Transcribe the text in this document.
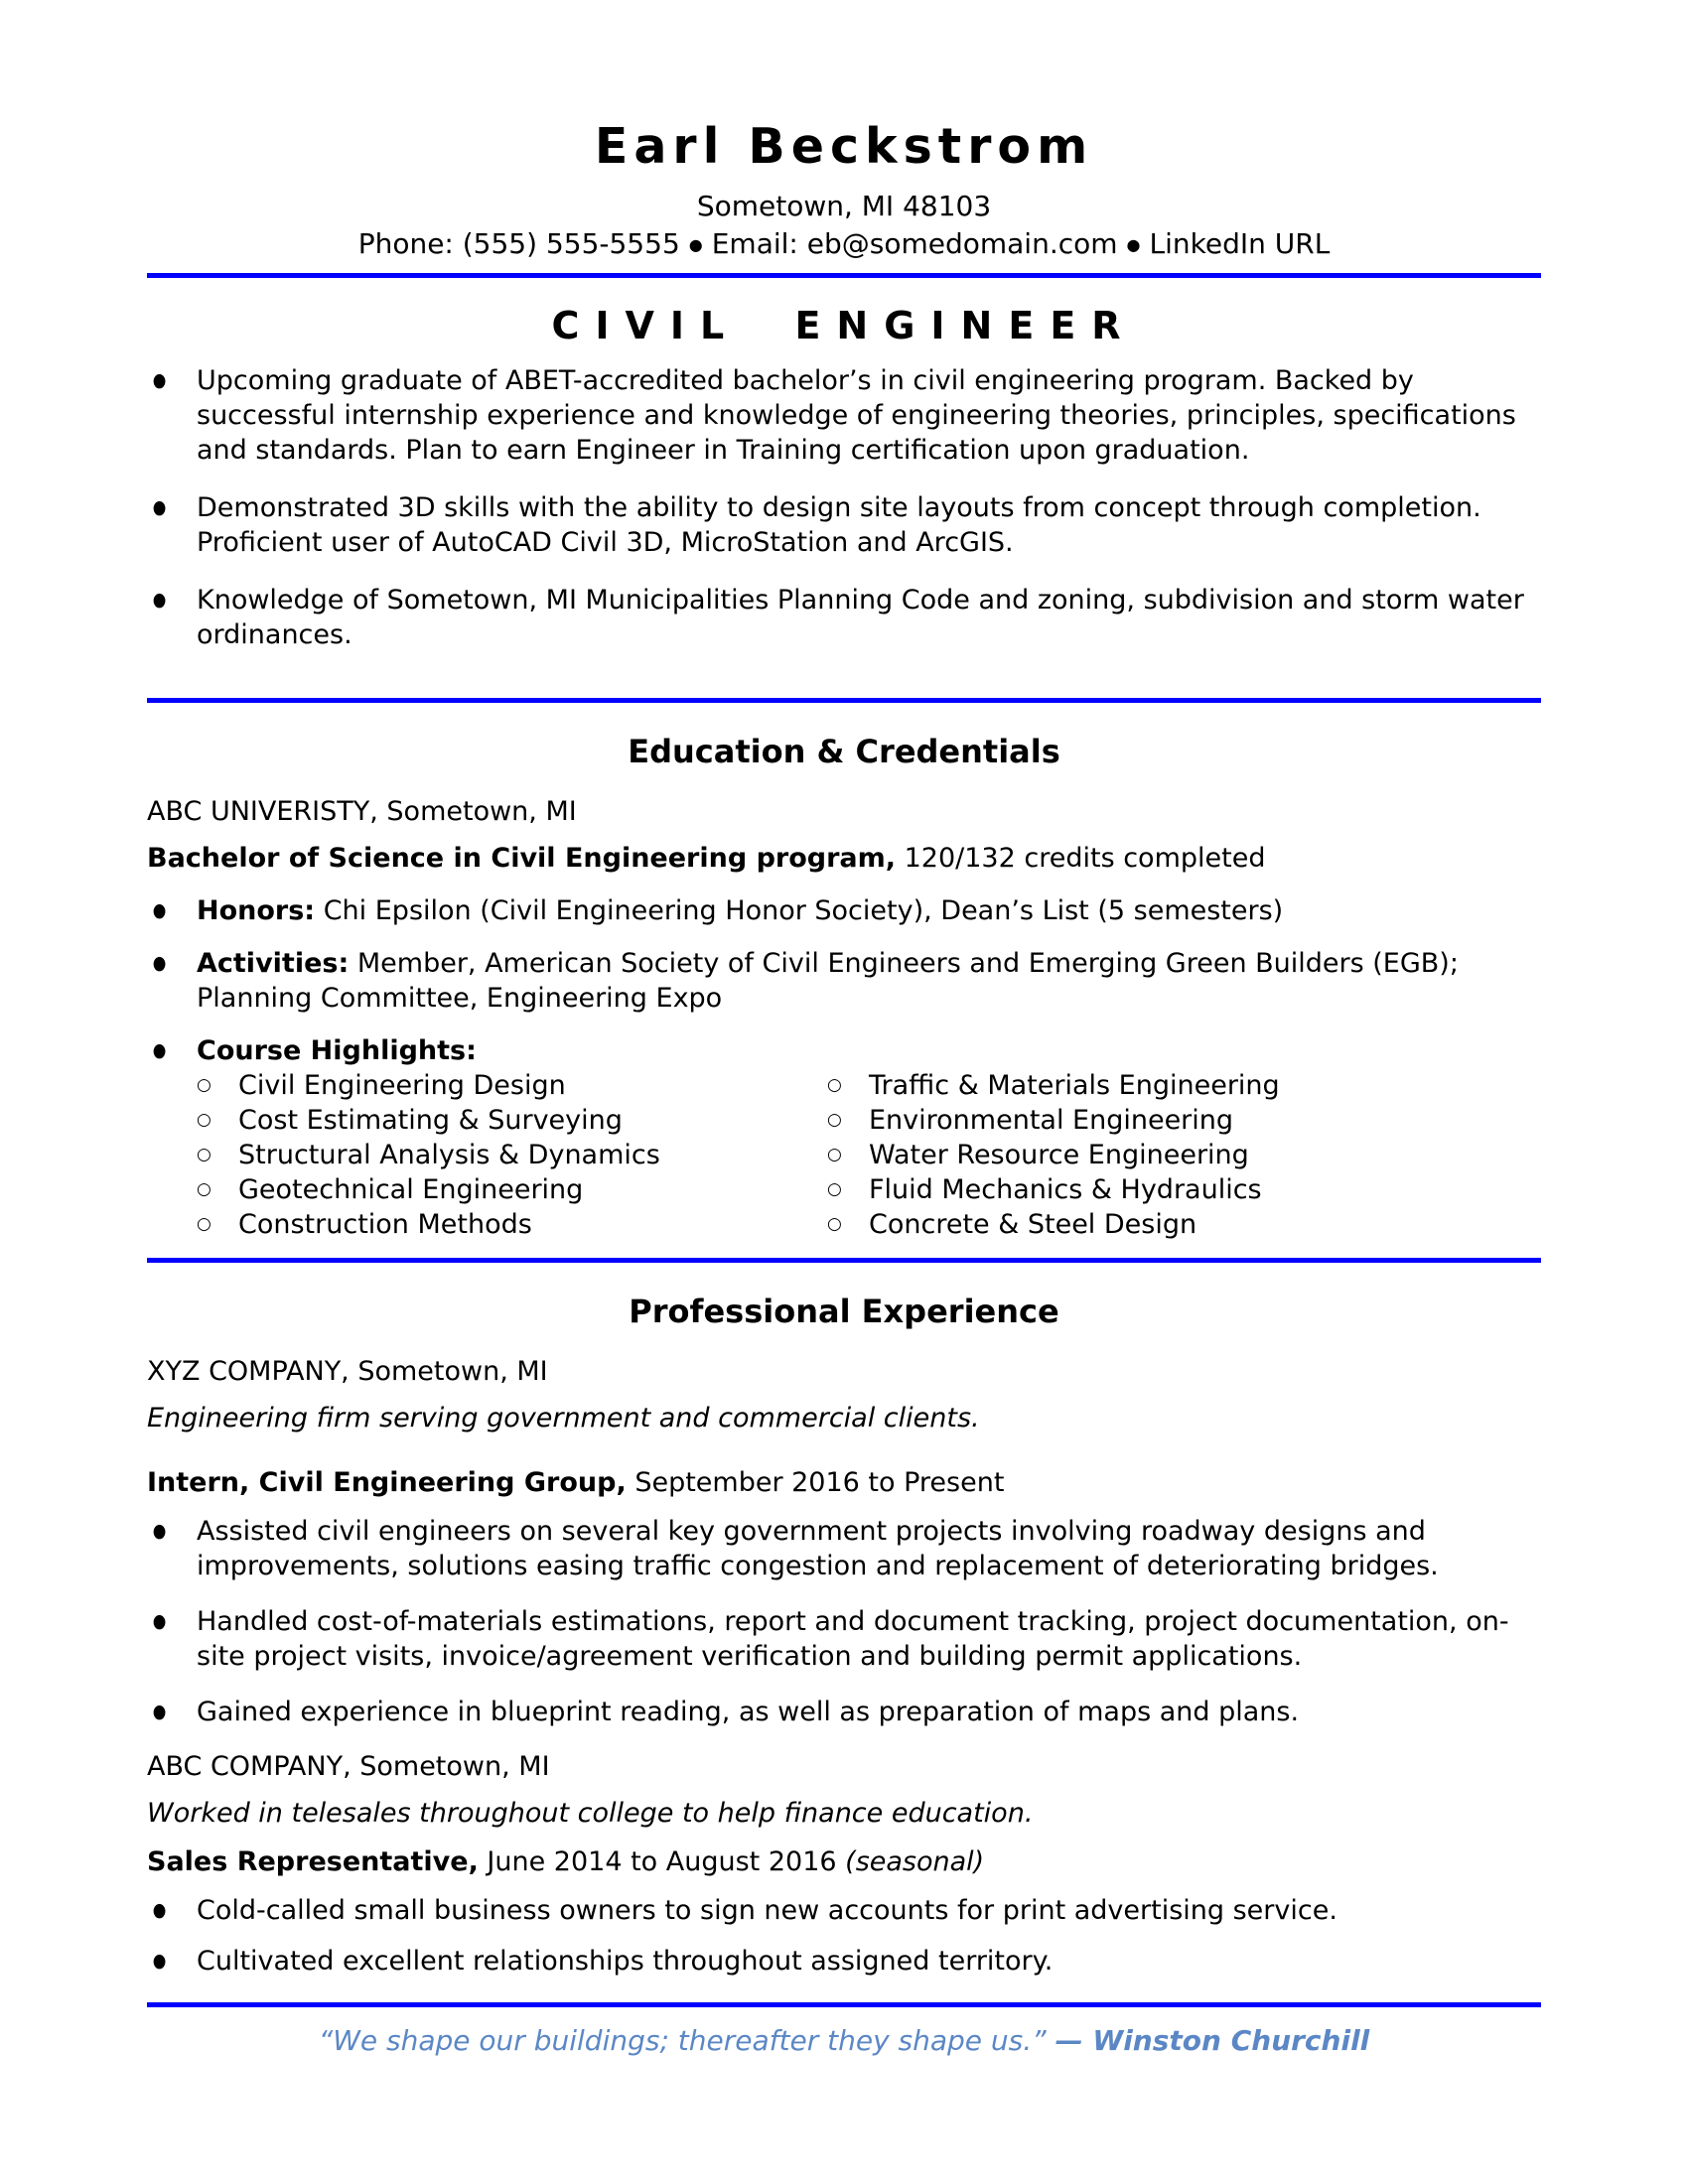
Earl Beckstrom
Sometown, MI 48103
Phone: (555) 555-5555 ● Email: eb@somedomain.com ● LinkedIn URL
CIVIL ENGINEER
●	Upcoming graduate of ABET-accredited bachelor’s in civil engineering program. Backed by successful internship experience and knowledge of engineering theories, principles, specifications and standards. Plan to earn Engineer in Training certification upon graduation.
●	Demonstrated 3D skills with the ability to design site layouts from concept through completion. Proficient user of AutoCAD Civil 3D, MicroStation and ArcGIS.
●	Knowledge of Sometown, MI Municipalities Planning Code and zoning, subdivision and storm water ordinances.
Education & Credentials
ABC UNIVERISTY, Sometown, MI
Bachelor of Science in Civil Engineering program, 120/132 credits completed
●	Honors: Chi Epsilon (Civil Engineering Honor Society), Dean’s List (5 semesters)
●	Activities: Member, American Society of Civil Engineers and Emerging Green Builders (EGB); Planning Committee, Engineering Expo
●	Course Highlights:
○	Civil Engineering Design
○	Cost Estimating & Surveying
○	Structural Analysis & Dynamics
○	Geotechnical Engineering
○	Construction Methods
○	Traffic & Materials Engineering
○	Environmental Engineering
○	Water Resource Engineering
○	Fluid Mechanics & Hydraulics
○	Concrete & Steel Design
Professional Experience
XYZ COMPANY, Sometown, MI
Engineering firm serving government and commercial clients.
Intern, Civil Engineering Group, September 2016 to Present
●	Assisted civil engineers on several key government projects involving roadway designs and improvements, solutions easing traffic congestion and replacement of deteriorating bridges.
●	Handled cost-of-materials estimations, report and document tracking, project documentation, on-site project visits, invoice/agreement verification and building permit applications.
●	Gained experience in blueprint reading, as well as preparation of maps and plans.
ABC COMPANY, Sometown, MI
Worked in telesales throughout college to help finance education.
Sales Representative, June 2014 to August 2016 (seasonal)
●	Cold-called small business owners to sign new accounts for print advertising service.
●	Cultivated excellent relationships throughout assigned territory.
“We shape our buildings; thereafter they shape us.” — Winston Churchill
